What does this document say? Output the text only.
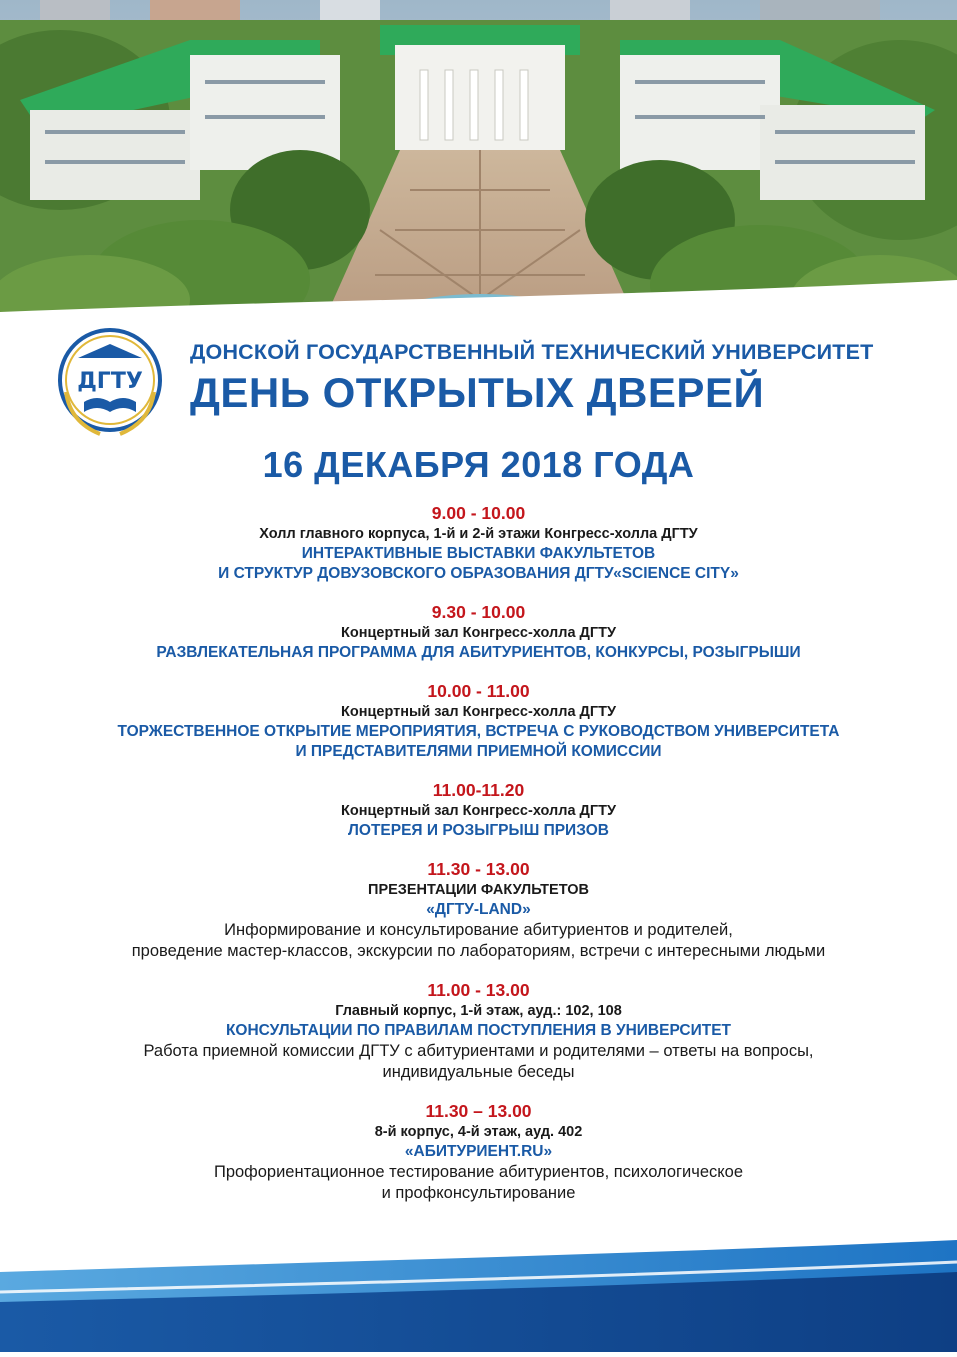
ДГТУ
ДОНСКОЙ ГОСУДАРСТВЕННЫЙ ТЕХНИЧЕСКИЙ УНИВЕРСИТЕТ
ДЕНЬ ОТКРЫТЫХ ДВЕРЕЙ
16 ДЕКАБРЯ 2018 ГОДА
9.00 - 10.00
Холл главного корпуса, 1-й и 2-й этажи Конгресс-холла ДГТУ
ИНТЕРАКТИВНЫЕ ВЫСТАВКИ ФАКУЛЬТЕТОВ
И СТРУКТУР ДОВУЗОВСКОГО ОБРАЗОВАНИЯ ДГТУ«SCIENCE CITY»
9.30 - 10.00
Концертный зал Конгресс-холла ДГТУ
РАЗВЛЕКАТЕЛЬНАЯ ПРОГРАММА ДЛЯ АБИТУРИЕНТОВ, КОНКУРСЫ, РОЗЫГРЫШИ
10.00 - 11.00
Концертный зал Конгресс-холла ДГТУ
ТОРЖЕСТВЕННОЕ ОТКРЫТИЕ МЕРОПРИЯТИЯ, ВСТРЕЧА С РУКОВОДСТВОМ УНИВЕРСИТЕТА
И ПРЕДСТАВИТЕЛЯМИ ПРИЕМНОЙ КОМИССИИ
11.00-11.20
Концертный зал Конгресс-холла ДГТУ
ЛОТЕРЕЯ И РОЗЫГРЫШ ПРИЗОВ
11.30 - 13.00
ПРЕЗЕНТАЦИИ ФАКУЛЬТЕТОВ
«ДГТУ-LAND»
Информирование и консультирование абитуриентов и родителей,
проведение мастер-классов, экскурсии по лабораториям, встречи с интересными людьми
11.00 - 13.00
Главный корпус, 1-й этаж, ауд.: 102, 108
КОНСУЛЬТАЦИИ ПО ПРАВИЛАМ ПОСТУПЛЕНИЯ В УНИВЕРСИТЕТ
Работа приемной комиссии ДГТУ с абитуриентами и родителями – ответы на вопросы,
индивидуальные беседы
11.30 – 13.00
8-й корпус, 4-й этаж, ауд. 402
«АБИТУРИЕНТ.RU»
Профориентационное тестирование абитуриентов, психологическое
и профконсультирование
